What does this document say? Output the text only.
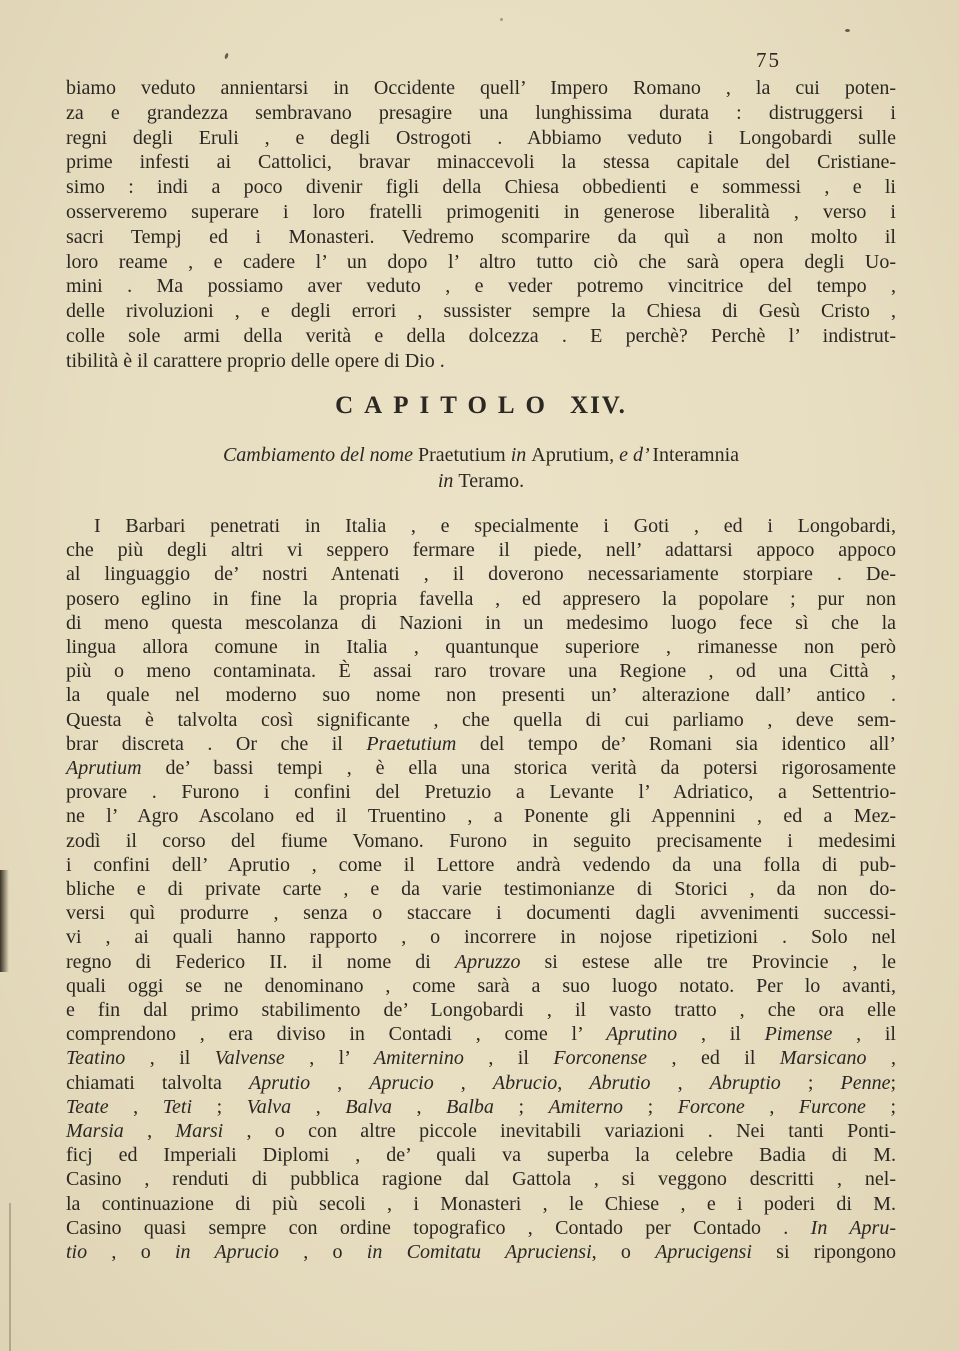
75
biamo veduto annientarsi in Occidente quell’ Impero Romano , la cui poten-
za e grandezza sembravano presagire una lunghissima durata : distruggersi i
regni degli Eruli , e degli Ostrogoti . Abbiamo veduto i Longobardi sulle
prime infesti ai Cattolici, bravar minaccevoli la stessa capitale del Cristiane-
simo : indi a poco divenir figli della Chiesa obbedienti e sommessi , e li
osserveremo superare i loro fratelli primogeniti in generose liberalità , verso i
sacri Tempj ed i Monasteri. Vedremo scomparire da quì a non molto il
loro reame , e cadere l’ un dopo l’ altro tutto ciò che sarà opera degli Uo-
mini . Ma possiamo aver veduto , e veder potremo vincitrice del tempo ,
delle rivoluzioni , e degli errori , sussister sempre la Chiesa di Gesù Cristo ,
colle sole armi della verità e della dolcezza . E perchè? Perchè l’ indistrut-
tibilità è il carattere proprio delle opere di Dio .
CAPITOLO XIV.
Cambiamento del nome Praetutium in Aprutium, e d’ Interamnia
in Teramo.
I Barbari penetrati in Italia , e specialmente i Goti , ed i Longobardi,
che più degli altri vi seppero fermare il piede, nell’ adattarsi appoco appoco
al linguaggio de’ nostri Antenati , il doverono necessariamente storpiare . De-
posero eglino in fine la propria favella , ed appresero la popolare ; pur non
di meno questa mescolanza di Nazioni in un medesimo luogo fece sì che la
lingua allora comune in Italia , quantunque superiore , rimanesse non però
più o meno contaminata. È assai raro trovare una Regione , od una Città ,
la quale nel moderno suo nome non presenti un’ alterazione dall’ antico .
Questa è talvolta così significante , che quella di cui parliamo , deve sem-
brar discreta . Or che il Praetutium del tempo de’ Romani sia identico all’
Aprutium de’ bassi tempi , è ella una storica verità da potersi rigorosamente
provare . Furono i confini del Pretuzio a Levante l’ Adriatico, a Settentrio-
ne l’ Agro Ascolano ed il Truentino , a Ponente gli Appennini , ed a Mez-
zodì il corso del fiume Vomano. Furono in seguito precisamente i medesimi
i confini dell’ Aprutio , come il Lettore andrà vedendo da una folla di pub-
bliche e di private carte , e da varie testimonianze di Storici , da non do-
versi quì produrre , senza o staccare i documenti dagli avvenimenti successi-
vi , ai quali hanno rapporto , o incorrere in nojose ripetizioni . Solo nel
regno di Federico II. il nome di Apruzzo si estese alle tre Provincie , le
quali oggi se ne denominano , come sarà a suo luogo notato. Per lo avanti,
e fin dal primo stabilimento de’ Longobardi , il vasto tratto , che ora elle
comprendono , era diviso in Contadi , come l’ Aprutino , il Pimense , il
Teatino , il Valvense , l’ Amiternino , il Forconense , ed il Marsicano ,
chiamati talvolta Aprutio , Aprucio , Abrucio, Abrutio , Abruptio ; Penne;
Teate , Teti ; Valva , Balva , Balba ; Amiterno ; Forcone , Furcone ;
Marsia , Marsi , o con altre piccole inevitabili variazioni . Nei tanti Ponti-
ficj ed Imperiali Diplomi , de’ quali va superba la celebre Badia di M.
Casino , renduti di pubblica ragione dal Gattola , si veggono descritti , nel-
la continuazione di più secoli , i Monasteri , le Chiese , e i poderi di M.
Casino quasi sempre con ordine topografico , Contado per Contado . In Apru-
tio , o in Aprucio , o in Comitatu Apruciensi, o Aprucigensi si ripongono
